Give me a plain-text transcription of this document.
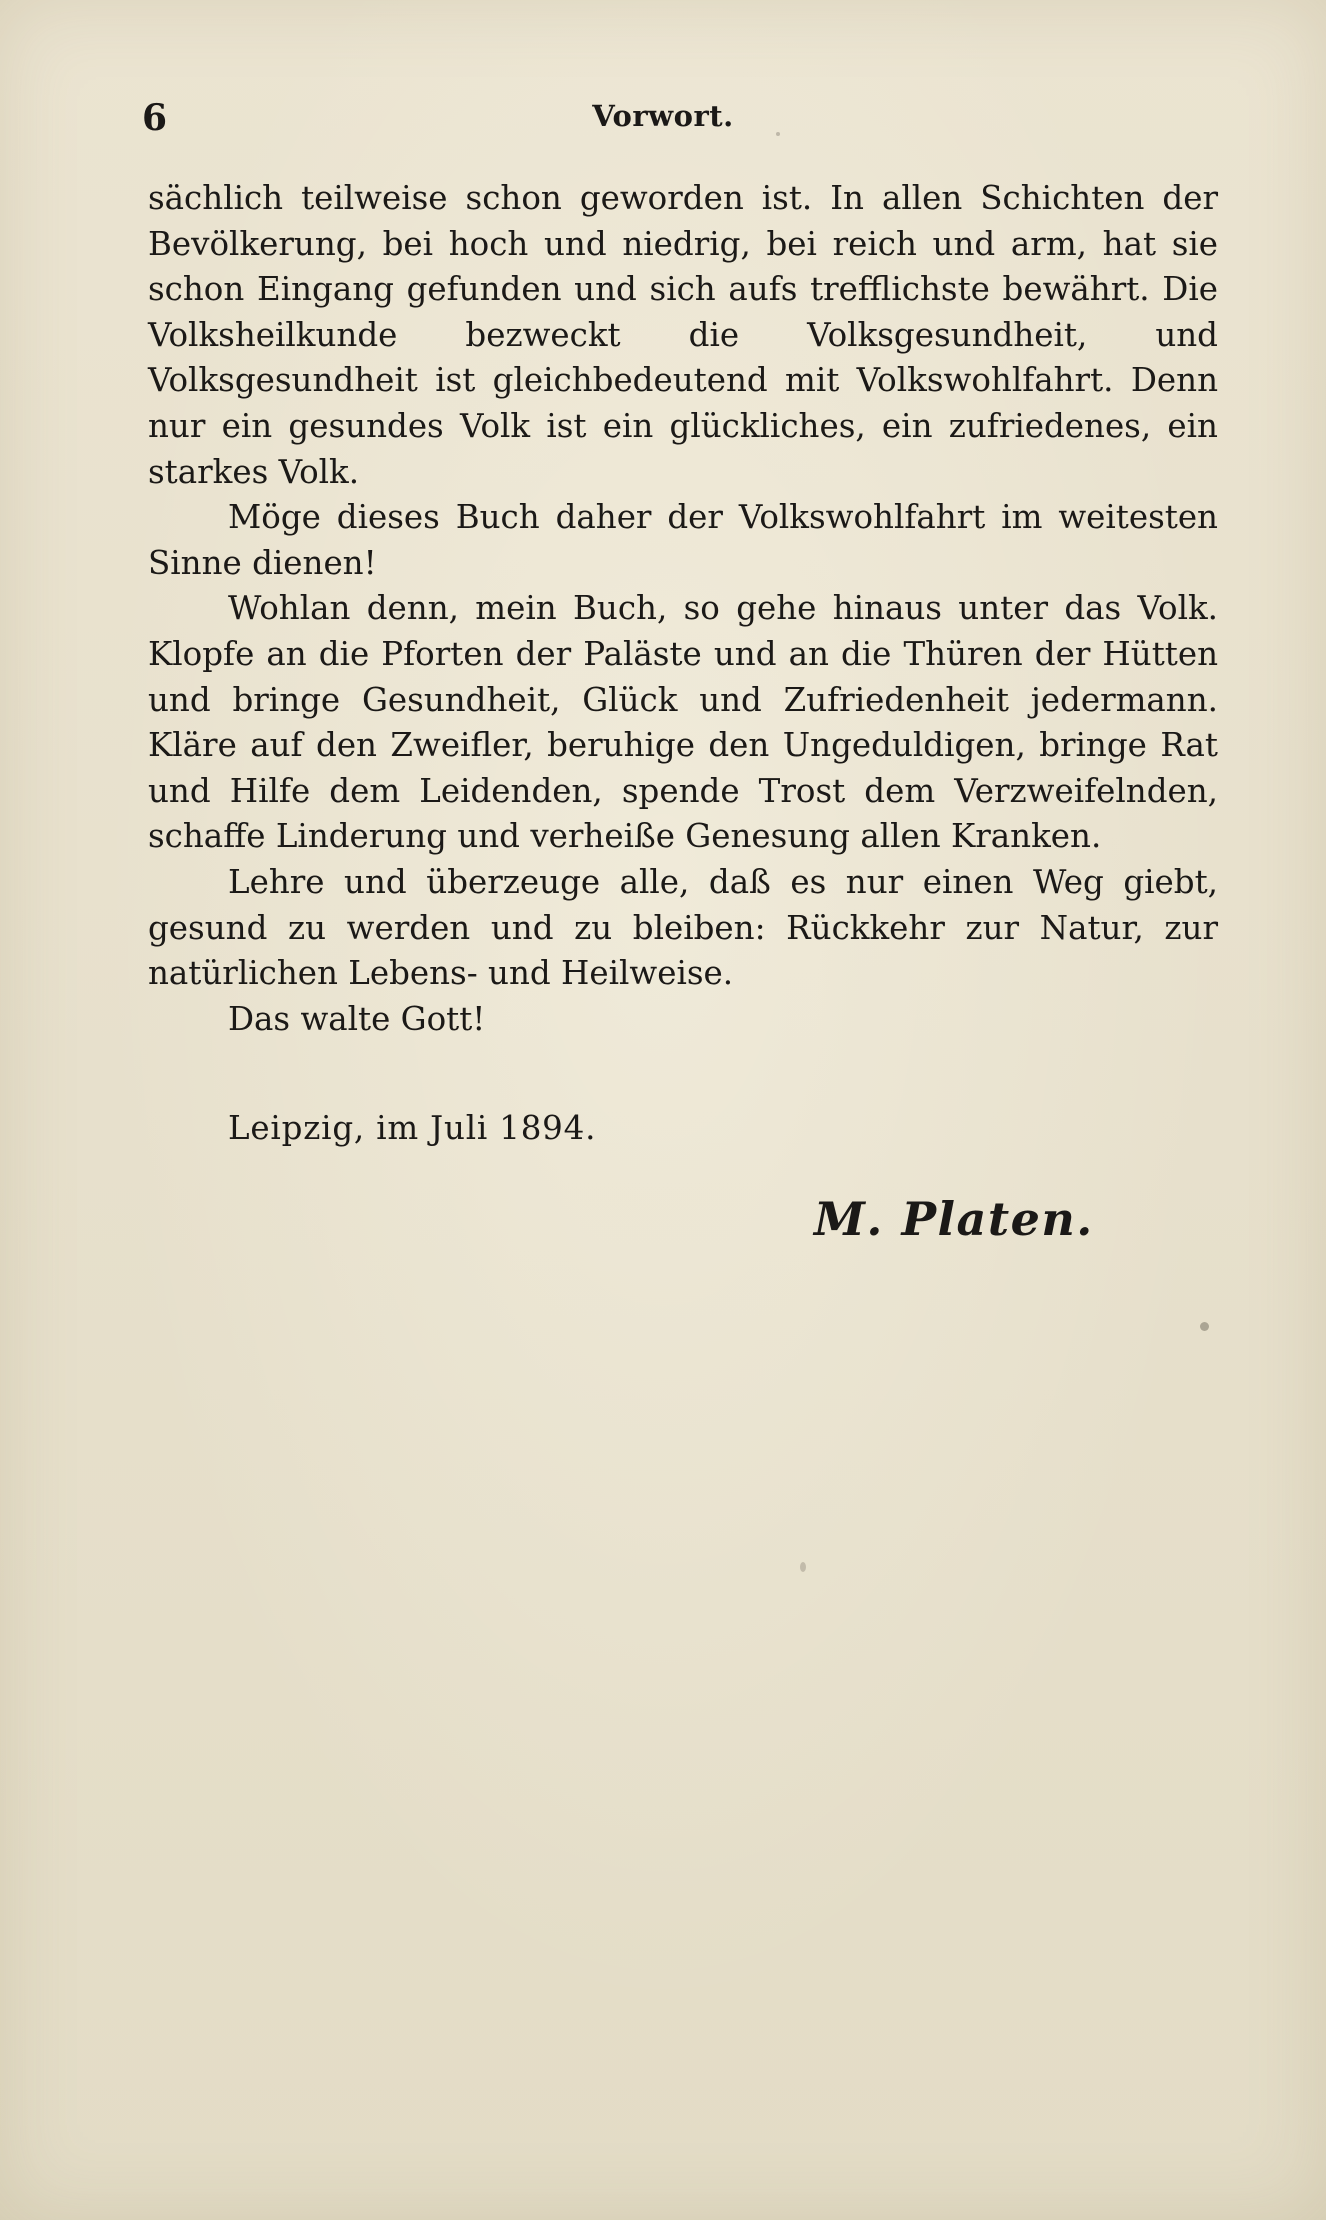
6	Vorwort.

sächlich teilweise schon geworden ist. In allen Schichten der Bevölkerung, bei hoch und niedrig, bei reich und arm, hat sie schon Eingang gefunden und sich aufs trefflichste bewährt. Die Volksheilkunde bezweckt die Volksgesundheit, und Volksgesundheit ist gleichbedeutend mit Volkswohlfahrt. Denn nur ein gesundes Volk ist ein glückliches, ein zufriedenes, ein starkes Volk.

Möge dieses Buch daher der Volkswohlfahrt im weitesten Sinne dienen!

Wohlan denn, mein Buch, so gehe hinaus unter das Volk. Klopfe an die Pforten der Paläste und an die Thüren der Hütten und bringe Gesundheit, Glück und Zufriedenheit jedermann. Kläre auf den Zweifler, beruhige den Ungeduldigen, bringe Rat und Hilfe dem Leidenden, spende Trost dem Verzweifelnden, schaffe Linderung und verheiße Genesung allen Kranken.

Lehre und überzeuge alle, daß es nur einen Weg giebt, gesund zu werden und zu bleiben: Rückkehr zur Natur, zur natürlichen Lebens- und Heilweise.

Das walte Gott!

Leipzig, im Juli 1894.
M. Platen.
